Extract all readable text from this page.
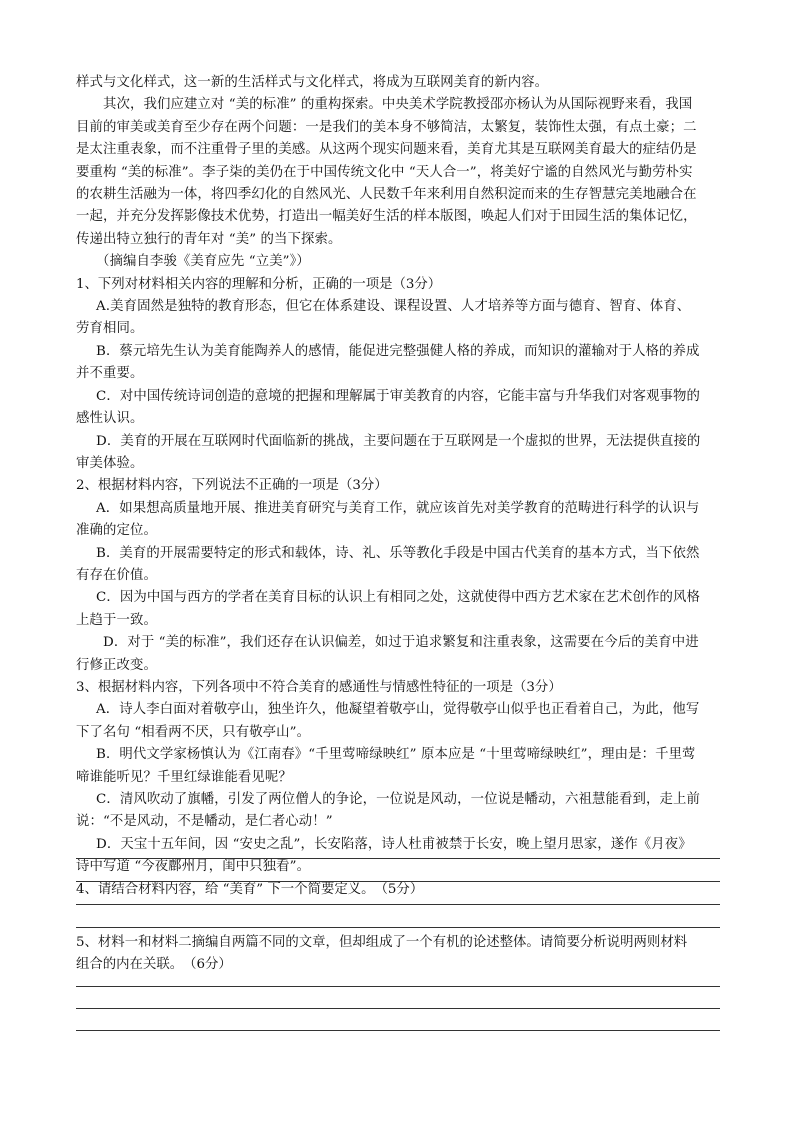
样式与文化样式，这一新的生活样式与文化样式，将成为互联网美育的新内容。
其次，我们应建立对 “美的标准” 的重构探索。中央美术学院教授邵亦杨认为从国际视野来看，我国
目前的审美或美育至少存在两个问题：一是我们的美本身不够简洁，太繁复，装饰性太强，有点土豪；二
是太注重表象，而不注重骨子里的美感。从这两个现实问题来看，美育尤其是互联网美育最大的症结仍是
要重构 “美的标准”。李子柒的美仍在于中国传统文化中 “天人合一”，将美好宁谧的自然风光与勤劳朴实
的农耕生活融为一体，将四季幻化的自然风光、人民数千年来利用自然积淀而来的生存智慧完美地融合在
一起，并充分发挥影像技术优势，打造出一幅美好生活的样本版图，唤起人们对于田园生活的集体记忆，
传递出特立独行的青年对 “美” 的当下探索。
（摘编自李骏《美育应先 “立美”》）
1、下列对材料相关内容的理解和分析，正确的一项是（3分）
A.美育固然是独特的教育形态，但它在体系建设、课程设置、人才培养等方面与德育、智育、体育、
劳育相同。
B．蔡元培先生认为美育能陶养人的感情，能促进完整强健人格的养成，而知识的灌输对于人格的养成
并不重要。
C．对中国传统诗词创造的意境的把握和理解属于审美教育的内容，它能丰富与升华我们对客观事物的
感性认识。
D．美育的开展在互联网时代面临新的挑战，主要问题在于互联网是一个虚拟的世界，无法提供直接的
审美体验。
2、根据材料内容，下列说法不正确的一项是（3分）
A．如果想高质量地开展、推进美育研究与美育工作，就应该首先对美学教育的范畴进行科学的认识与
准确的定位。
B．美育的开展需要特定的形式和载体，诗、礼、乐等教化手段是中国古代美育的基本方式，当下依然
有存在价值。
C．因为中国与西方的学者在美育目标的认识上有相同之处，这就使得中西方艺术家在艺术创作的风格
上趋于一致。
D．对于 “美的标准”，我们还存在认识偏差，如过于追求繁复和注重表象，这需要在今后的美育中进
行修正改变。
3、根据材料内容，下列各项中不符合美育的感通性与情感性特征的一项是（3分）
A．诗人李白面对着敬亭山，独坐许久，他凝望着敬亭山，觉得敬亭山似乎也正看着自己，为此，他写
下了名句 “相看两不厌，只有敬亭山”。
B．明代文学家杨慎认为《江南春》“千里莺啼绿映红” 原本应是 “十里莺啼绿映红”，理由是：千里莺
啼谁能听见？千里红绿谁能看见呢？
C．清风吹动了旗幡，引发了两位僧人的争论，一位说是风动，一位说是幡动，六祖慧能看到，走上前
说：“不是风动，不是幡动，是仁者心动！”
D．天宝十五年间，因 “安史之乱”，长安陷落，诗人杜甫被禁于长安，晚上望月思家，遂作《月夜》
诗中写道 “今夜鄜州月，闺中只独看”。
4、请结合材料内容，给 “美育” 下一个简要定义。　（5分）
5、材料一和材料二摘编自两篇不同的文章，但却组成了一个有机的论述整体。请简要分析说明两则材料
组合的内在关联。　（6分）
